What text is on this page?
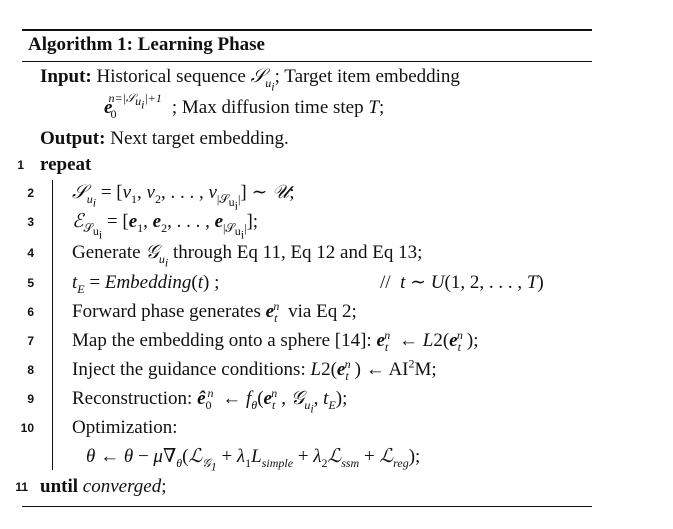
Algorithm 1: Learning Phase
Input: Historical sequence 𝒮$_{u_i}$; Target item embedding
$e_0^{n=|𝒮_{u_i}|+1}$ ; Max diffusion time step T;
Output: Next target embedding.
1 repeat
2 𝒮$_{u_i}$ = [$v_1$, $v_2$, . . . , $v_{|𝒮_{u_i}|}$] ∼ 𝒰;
3 ℰ$_{𝒮_{u_i}}$ = [$e_1$, $e_2$, . . . , $e_{|𝒮_{u_i}|}$];
4 Generate 𝒢$_{u_i}$ through Eq 11, Eq 12 and Eq 13;
5 $t_E$ = Embedding(t) ;	//  t ∼ U(1, 2, . . . , T)
6 Forward phase generates $e_t^n$ via Eq 2;
7 Map the embedding onto a sphere [14]: $e_t^n$ ← $L2(e_t^n$ );
8 Inject the guidance conditions: $L2(e_t^n$ ) ← $AI^2M$;
9 Reconstruction: $ê_0^n$ ← $f_\theta(e_t^n$ , 𝒢$_{u_i}$, $t_E$);
10 Optimization:
θ ← $\theta - \mu\nabla_\theta(ℒ_{𝒢_1} + \lambda_1L_{simple}$ + $\lambda_2ℒ_{ssm}$ + ℒ$_{reg}$);
11 until converged;
